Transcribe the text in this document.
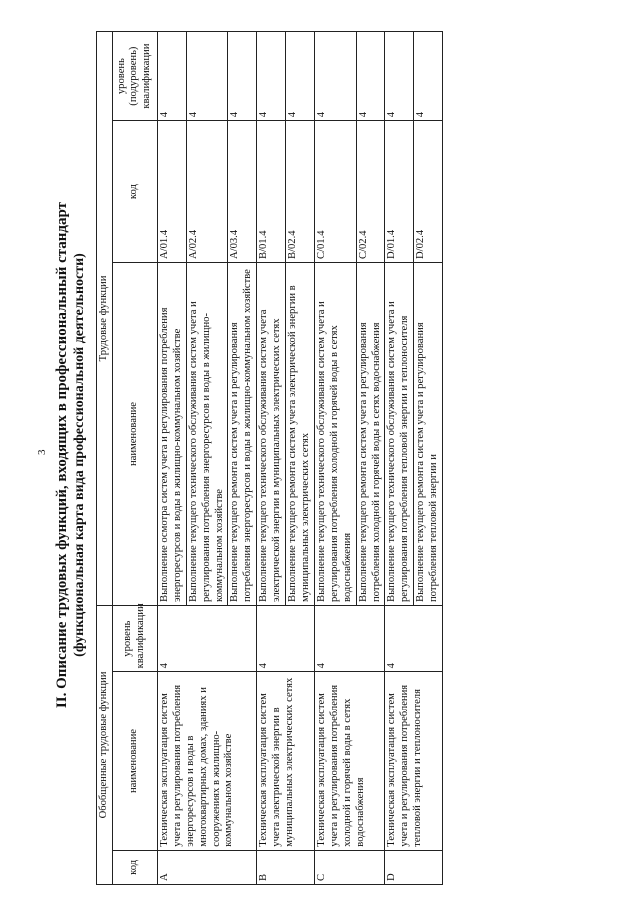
3 II. Описание трудовых функций, входящих в профессиональный стандарт (функциональная карта вида профессиональной деятельности)
Обобщенные трудовые функции			Трудовые функции		
код	наименование	уровень квалификации	наименование	код	уровень (подуровень) квалификации
A	Техническая эксплуатация систем учета и регулирования потребления энергоресурсов и воды в многоквартирных домах, зданиях и сооружениях в жилищно-коммунальном хозяйстве	4	Выполнение осмотра систем учета и регулирования потребления энергоресурсов и воды в жилищно-коммунальном хозяйстве	A/01.4	4
			Выполнение текущего технического обслуживания систем учета и регулирования потребления энергоресурсов и воды в жилищно-коммунальном хозяйстве	A/02.4	4
			Выполнение текущего ремонта систем учета и регулирования потребления энергоресурсов и воды в жилищно-коммунальном хозяйстве	A/03.4	4
B	Техническая эксплуатация систем учета электрической энергии в муниципальных электрических сетях	4	Выполнение текущего технического обслуживания систем учета электрической энергии в муниципальных электрических сетях	B/01.4	4
			Выполнение текущего ремонта систем учета электрической энергии в муниципальных электрических сетях	B/02.4	4
C	Техническая эксплуатация систем учета и регулирования потребления холодной и горячей воды в сетях водоснабжения	4	Выполнение текущего технического обслуживания систем учета и регулирования потребления холодной и горячей воды в сетях водоснабжения	C/01.4	4
			Выполнение текущего ремонта систем учета и регулирования потребления холодной и горячей воды в сетях водоснабжения	C/02.4	4
D	Техническая эксплуатация систем учета и регулирования потребления тепловой энергии и теплоносителя	4	Выполнение текущего технического обслуживания систем учета и регулирования потребления тепловой энергии и теплоносителя	D/01.4	4
			Выполнение текущего ремонта систем учета и регулирования потребления тепловой энергии и	D/02.4	4
